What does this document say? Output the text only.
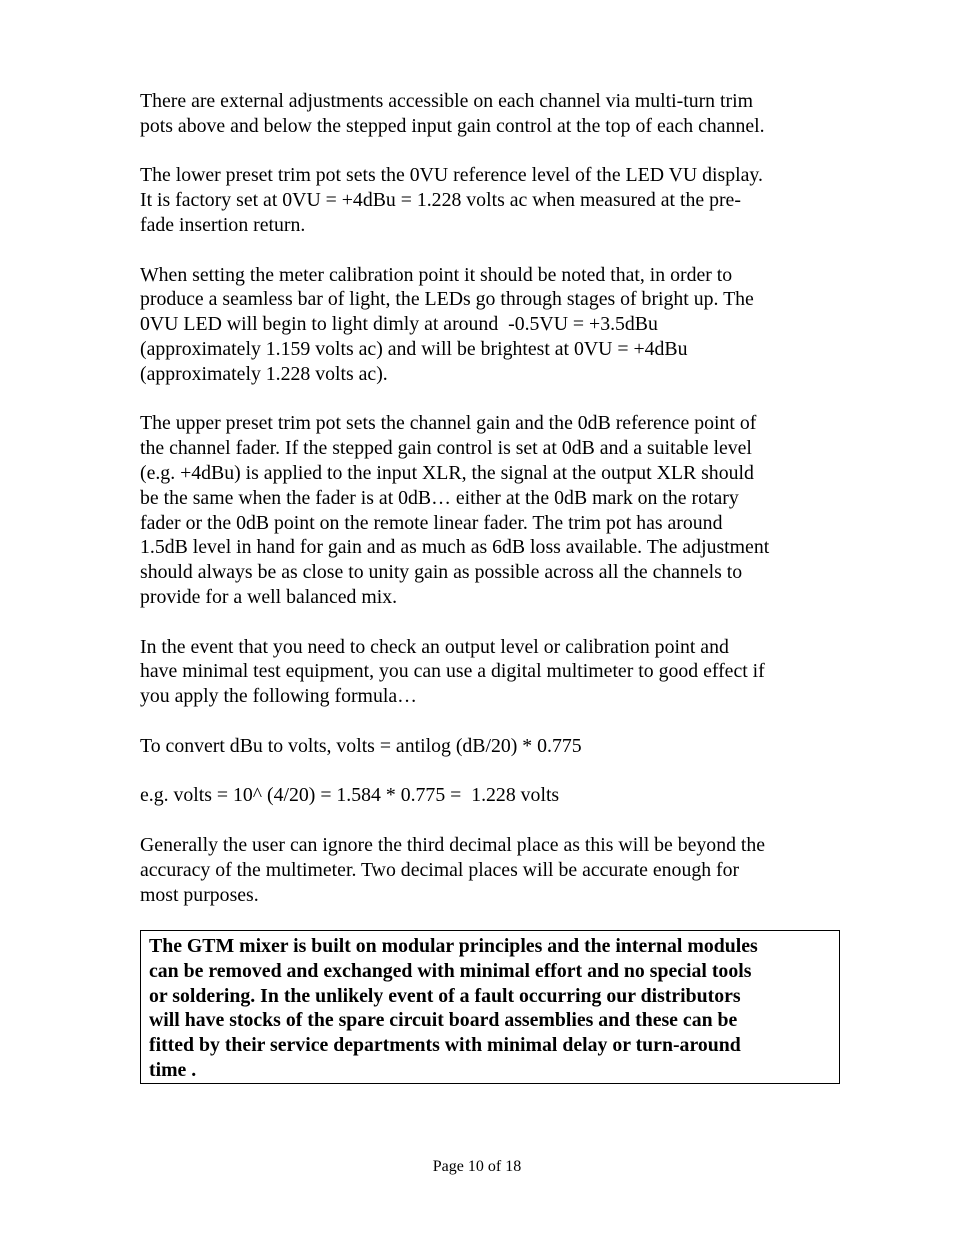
There are external adjustments accessible on each channel via multi-turn trim
pots above and below the stepped input gain control at the top of each channel.

The lower preset trim pot sets the 0VU reference level of the LED VU display.
It is factory set at 0VU = +4dBu = 1.228 volts ac when measured at the pre-
fade insertion return.

When setting the meter calibration point it should be noted that, in order to
produce a seamless bar of light, the LEDs go through stages of bright up. The
0VU LED will begin to light dimly at around  -0.5VU = +3.5dBu
(approximately 1.159 volts ac) and will be brightest at 0VU = +4dBu
(approximately 1.228 volts ac).

The upper preset trim pot sets the channel gain and the 0dB reference point of
the channel fader. If the stepped gain control is set at 0dB and a suitable level
(e.g. +4dBu) is applied to the input XLR, the signal at the output XLR should
be the same when the fader is at 0dB… either at the 0dB mark on the rotary
fader or the 0dB point on the remote linear fader. The trim pot has around
1.5dB level in hand for gain and as much as 6dB loss available. The adjustment
should always be as close to unity gain as possible across all the channels to
provide for a well balanced mix.

In the event that you need to check an output level or calibration point and
have minimal test equipment, you can use a digital multimeter to good effect if
you apply the following formula…

To convert dBu to volts, volts = antilog (dB/20) * 0.775

e.g. volts = 10^ (4/20) = 1.584 * 0.775 =  1.228 volts

Generally the user can ignore the third decimal place as this will be beyond the
accuracy of the multimeter. Two decimal places will be accurate enough for
most purposes.

The GTM mixer is built on modular principles and the internal modules
can be removed and exchanged with minimal effort and no special tools
or soldering. In the unlikely event of a fault occurring our distributors
will have stocks of the spare circuit board assemblies and these can be
fitted by their service departments with minimal delay or turn-around
time .

Page 10 of 18
